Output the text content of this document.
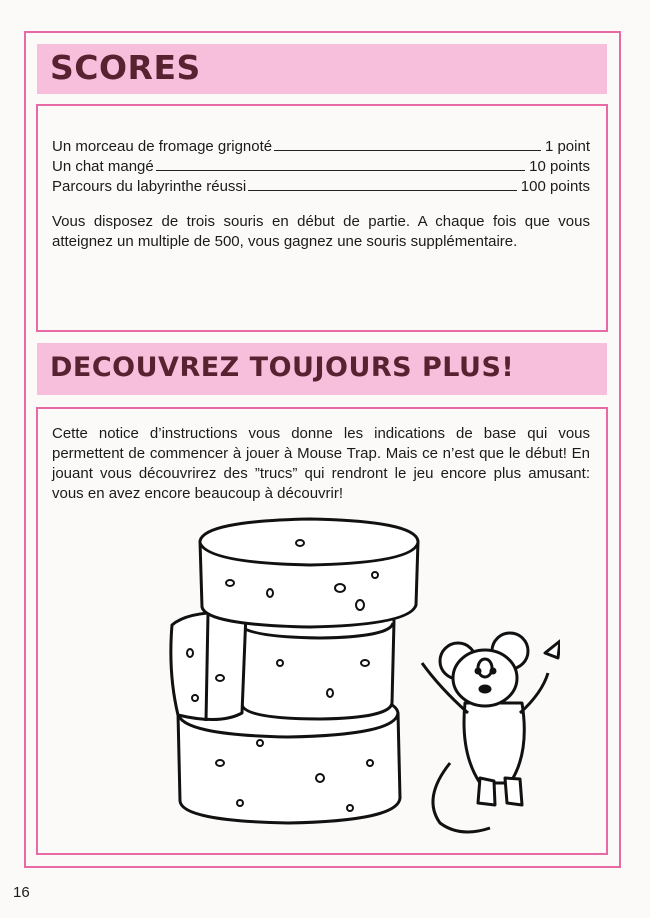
SCORES
Un morceau de fromage grignoté	1 point
Un chat mangé	10 points
Parcours du labyrinthe réussi	100 points

Vous disposez de trois souris en début de partie. A chaque fois que vous atteignez un multiple de 500, vous gagnez une souris supplémentaire.

DECOUVREZ TOUJOURS PLUS!

Cette notice d’instructions vous donne les indications de base qui vous permettent de commencer à jouer à Mouse Trap. Mais ce n’est que le début! En jouant vous découvrirez des ”trucs” qui rendront le jeu encore plus amusant: vous en avez encore beaucoup à découvrir!

16
